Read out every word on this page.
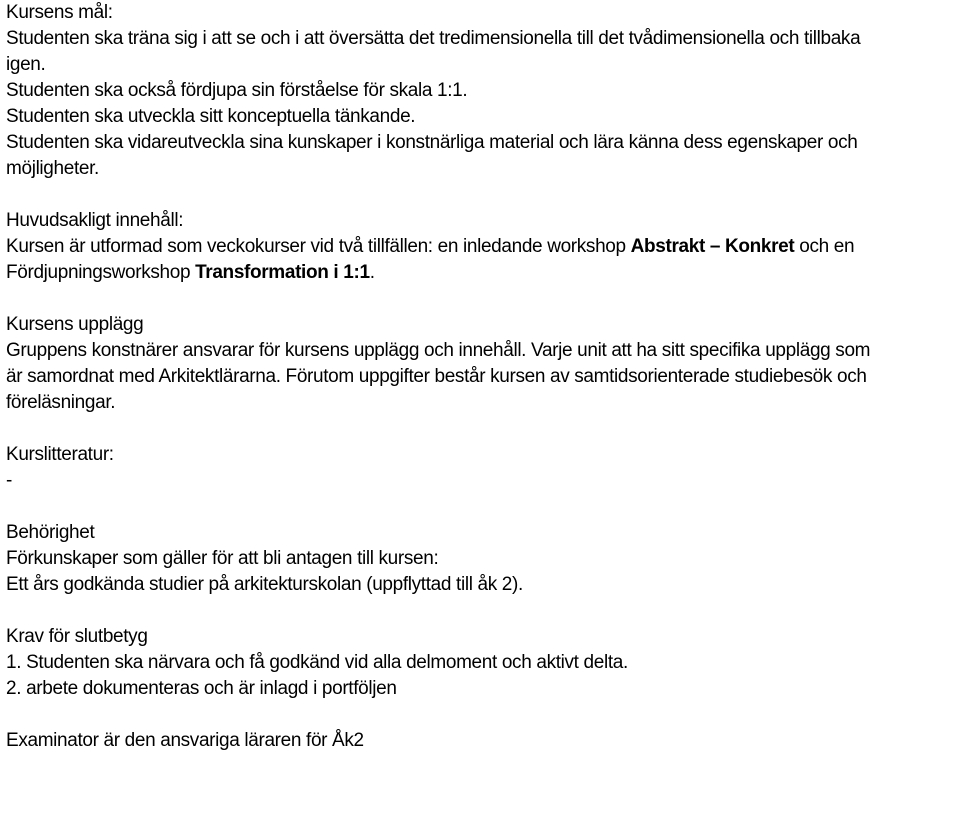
Kursens mål:
Studenten ska träna sig i att se och i att översätta det tredimensionella till det tvådimensionella och tillbaka
igen.
Studenten ska också fördjupa sin förståelse för skala 1:1.
Studenten ska utveckla sitt konceptuella tänkande.
Studenten ska vidareutveckla sina kunskaper i konstnärliga material och lära känna dess egenskaper och
möjligheter.
Huvudsakligt innehåll:
Kursen är utformad som veckokurser vid två tillfällen: en inledande workshop Abstrakt – Konkret och en
Fördjupningsworkshop Transformation i 1:1.
Kursens upplägg
Gruppens konstnärer ansvarar för kursens upplägg och innehåll. Varje unit att ha sitt specifika upplägg som
är samordnat med Arkitektlärarna. Förutom uppgifter består kursen av samtidsorienterade studiebesök och
föreläsningar.
Kurslitteratur:
-
Behörighet
Förkunskaper som gäller för att bli antagen till kursen:
Ett års godkända studier på arkitekturskolan (uppflyttad till åk 2).
Krav för slutbetyg
1. Studenten ska närvara och få godkänd vid alla delmoment och aktivt delta.
2. arbete dokumenteras och är inlagd i portföljen
Examinator är den ansvariga läraren för Åk2
